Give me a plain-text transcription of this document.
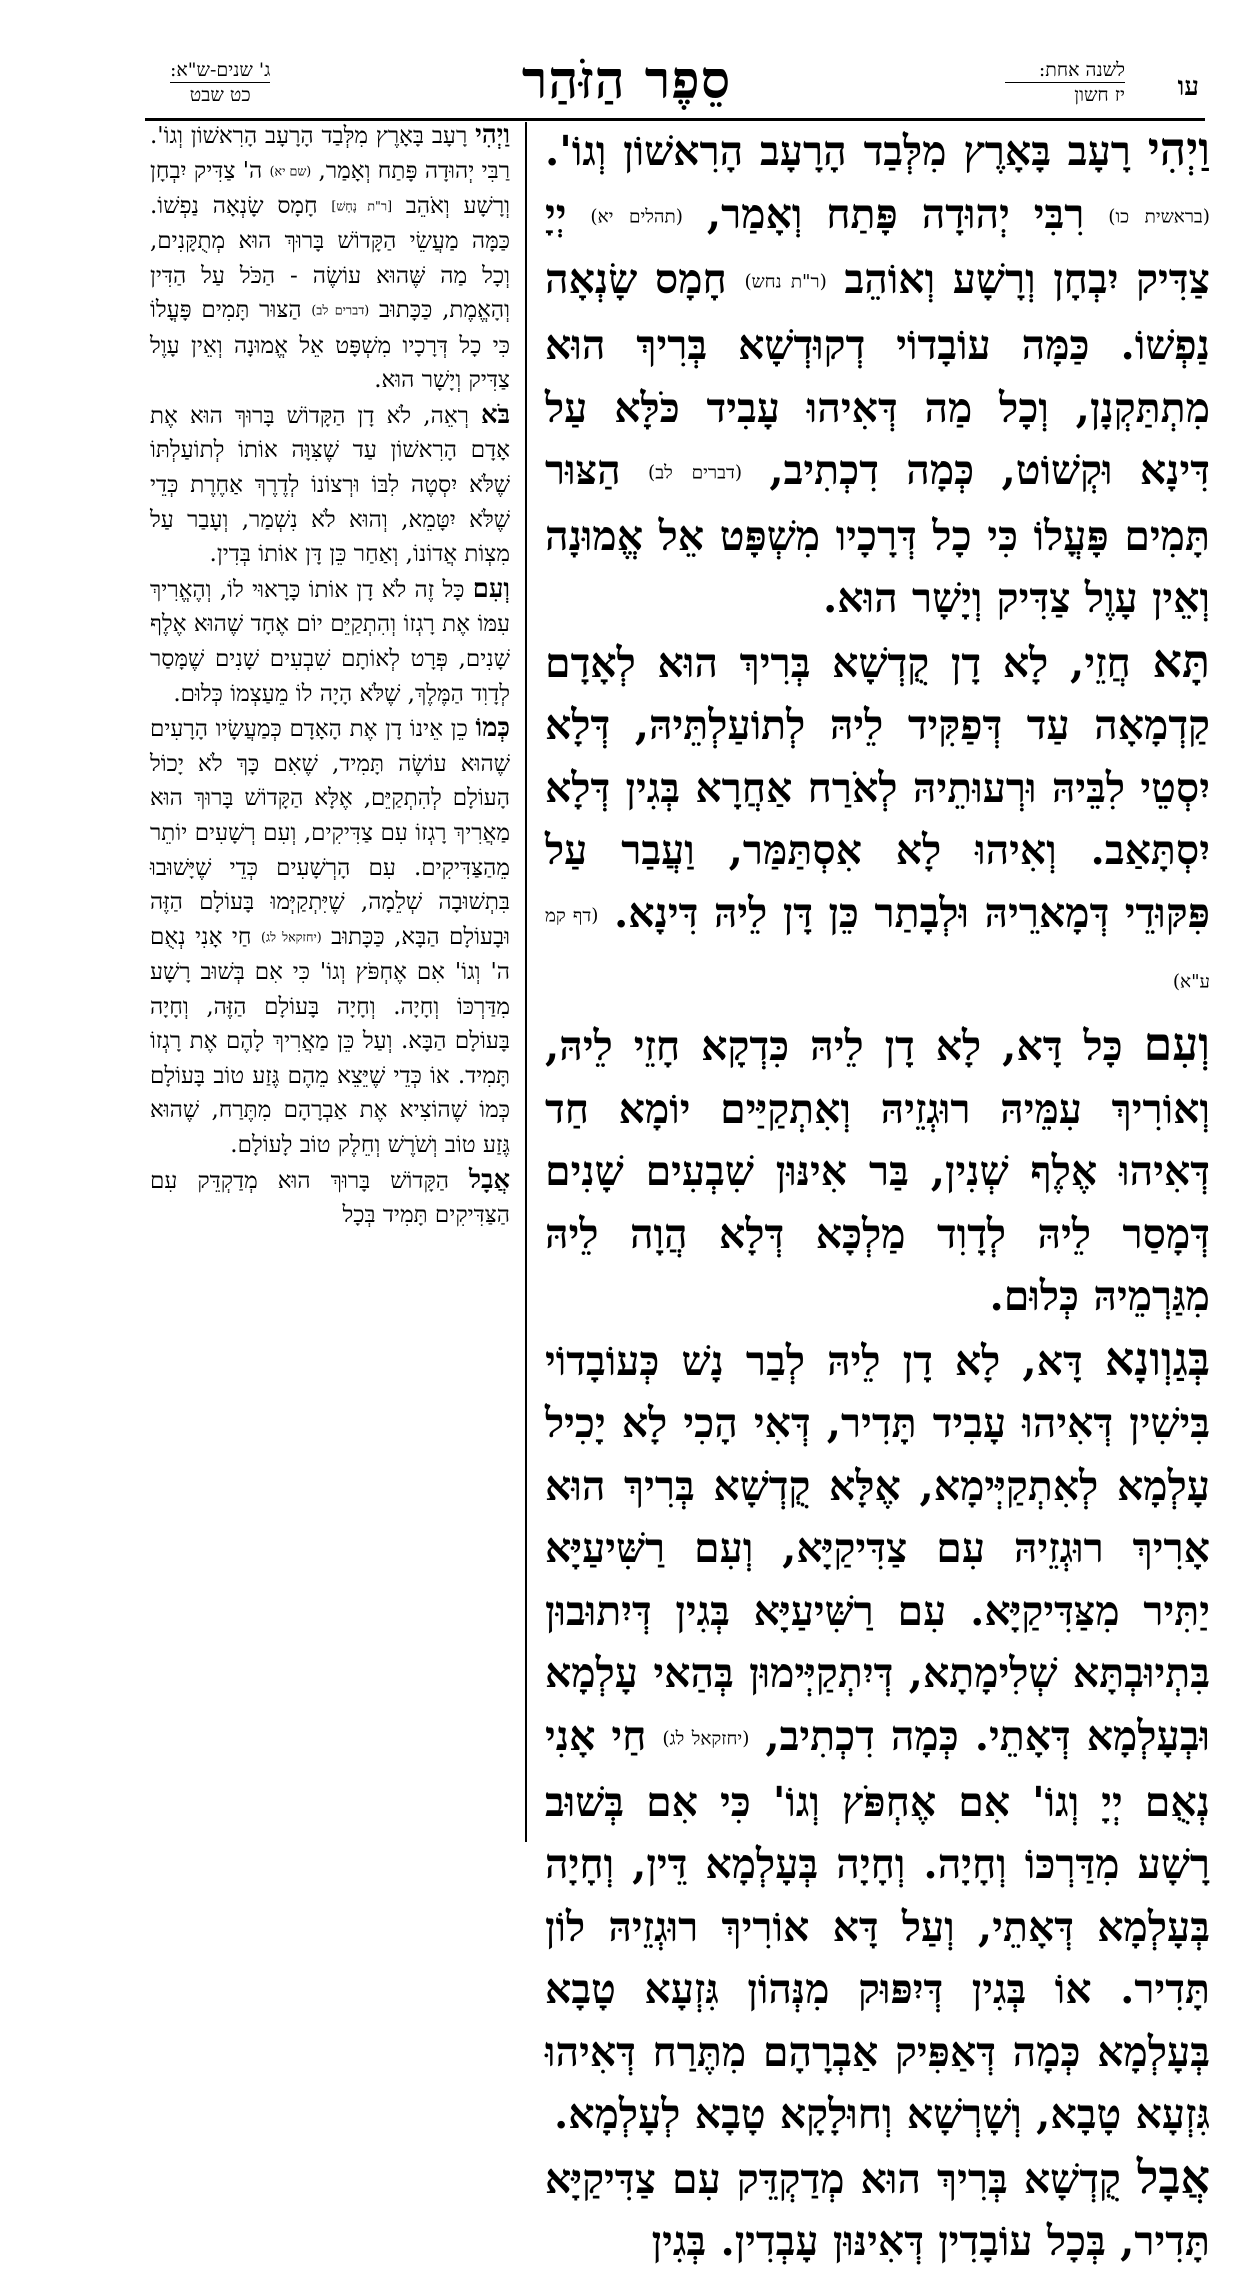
עו
לשנה אחת:
יז חשון
סֵפֶר הַזֹּהַר
ג' שנים-ש"א:
כט שבט

וַיְהִי רָעָב בָּאָרֶץ מִלְּבַד הָרָעָב הָרִאשׁוֹן וְגוֹ'. (בראשית כו) רִבִּי יְהוּדָה פָּתַח וְאָמַר, (תהלים יא) יְיָ צַדִּיק יִבְחָן וְרָשָׁע וְאוֹהֵב (ר"ת נחש) חָמָס שָׂנְאָה נַפְשׁוֹ. כַּמָּה עוֹבָדוֹי דְקוּדְשָׁא בְּרִיךְ הוּא מִתְתַּקְנָן, וְכָל מַה דְּאִיהוּ עָבִיד כֹּלָּא עַל דִּינָא וּקְשׁוֹט, כְּמָה דִכְתִיב, (דברים לב) הַצּוּר תָּמִים פָּעֳלוֹ כִּי כָל דְּרָכָיו מִשְׁפָּט אֵל אֱמוּנָה וְאֵין עָוֶל צַדִּיק וְיָשָׁר הוּא.

תָּא חֲזֵי, לָא דָן קֻדְשָׁא בְּרִיךְ הוּא לְאָדָם קַדְמָאָה עַד דְּפַקִּיד לֵיהּ לְתוֹעַלְתֵּיהּ, דְּלָא יִסְטֵי לִבֵּיהּ וּרְעוּתֵיהּ לְאֹרַח אַחֲרָא בְּגִין דְּלָא יִסְתָּאַב. וְאִיהוּ לָא אִסְתַּמַּר, וַעֲבַר עַל פִּקּוּדֵי דְּמָארֵיהּ וּלְבָתַר כֵּן דָּן לֵיהּ דִּינָא. (דף קמ ע"א)

וְעִם כָּל דָּא, לָא דָן לֵיהּ כִּדְקָא חָזֵי לֵיהּ, וְאוֹרִיךְ עִמֵּיהּ רוּגְזֵיהּ וְאִתְקַיַּים יוֹמָא חַד דְּאִיהוּ אֶלֶף שְׁנִין, בַּר אִינּוּן שִׁבְעִים שָׁנִים דְּמָסַר לֵיהּ לְדָוִד מַלְכָּא דְּלָא הֲוָה לֵיהּ מִגַּרְמֵיהּ כְּלוּם.

בְּגַוְונָא דָּא, לָא דָן לֵיהּ לְבַר נָשׁ כְּעוֹבָדוֹי בִּישִׁין דְּאִיהוּ עָבִיד תָּדִיר, דְּאִי הָכִי לָא יָכִיל עָלְמָא לְאִתְקַיְּימָא, אֶלָּא קֻדְשָׁא בְּרִיךְ הוּא אָרִיךְ רוּגְזֵיהּ עִם צַדִּיקַיָּא, וְעִם רַשִּׁיעַיָּא יַתִּיר מִצַּדִּיקַיָּא. עִם רַשִּׁיעַיָּא בְּגִין דְּיִתוּבוּן בִּתְיוּבְתָּא שְׁלִימָתָא, דְּיִתְקַיְּימוּן בְּהַאי עָלְמָא וּבְעָלְמָא דְּאָתֵי. כְּמָה דִכְתִיב, (יחזקאל לג) חַי אָנִי נְאֻם יְיָ וְגוֹ' אִם אֶחְפֹּץ וְגוֹ' כִּי אִם בְּשׁוּב רָשָׁע מִדַּרְכּוֹ וְחָיָה. וְחָיָה בְּעָלְמָא דֵּין, וְחָיָה בְּעָלְמָא דְּאָתֵי, וְעַל דָּא אוֹרִיךְ רוּגְזֵיהּ לוֹן תָּדִיר. אוֹ בְּגִין דְּיִפּוּק מִנְּהוֹן גִּזְעָא טָבָא בְּעָלְמָא כְּמָה דְּאַפִּיק אַבְרָהָם מִתֶּרַח דְּאִיהוּ גִּזְעָא טָבָא, וְשָׁרְשָׁא וְחוּלָקָא טָבָא לְעָלְמָא.

אֲבָל קֻדְשָׁא בְּרִיךְ הוּא מְדַקְדֵּק עִם צַדִּיקַיָּא תָּדִיר, בְּכָל עוֹבָדִין דְּאִינּוּן עָבְדִין. בְּגִין

וַיְהִי רָעָב בָּאָרֶץ מִלְּבַד הָרָעָב הָרִאשׁוֹן וְגוֹ'. רַבִּי יְהוּדָה פָּתַח וְאָמַר, (שם יא) ה' צַדִּיק יִבְחָן וְרָשָׁע וְאֹהֵב [ר"ת נָחָשׁ] חָמָס שָׂנְאָה נַפְשׁוֹ. כַּמָּה מַעֲשֵׂי הַקָּדוֹשׁ בָּרוּךְ הוּא מְתֻקָּנִים, וְכָל מַה שֶּׁהוּא עוֹשֶׂה - הַכֹּל עַל הַדִּין וְהָאֱמֶת, כַּכָּתוּב (דברים לב) הַצּוּר תָּמִים פָּעֳלוֹ כִּי כָל דְּרָכָיו מִשְׁפָּט אֵל אֱמוּנָה וְאֵין עָוֶל צַדִּיק וְיָשָׁר הוּא.

בֹּא רְאֵה, לֹא דָן הַקָּדוֹשׁ בָּרוּךְ הוּא אֶת אָדָם הָרִאשׁוֹן עַד שֶׁצִּוָּה אוֹתוֹ לְתוֹעַלְתּוֹ שֶׁלֹּא יִסְטֶה לִבּוֹ וּרְצוֹנוֹ לְדֶרֶךְ אַחֶרֶת כְּדֵי שֶׁלֹּא יִטָּמֵא, וְהוּא לֹא נִשְׁמַר, וְעָבַר עַל מִצְוֹת אֲדוֹנוֹ, וְאַחַר כֵּן דָּן אוֹתוֹ בְּדִין.

וְעִם כָּל זֶה לֹא דָן אוֹתוֹ כָּרָאוּי לוֹ, וְהֶאֱרִיךְ עִמּוֹ אֶת רָגְזוֹ וְהִתְקַיֵּם יוֹם אֶחָד שֶׁהוּא אֶלֶף שָׁנִים, פְּרָט לְאוֹתָם שִׁבְעִים שָׁנִים שֶׁמָּסַר לְדָוִד הַמֶּלֶךְ, שֶׁלֹּא הָיָה לוֹ מֵעַצְמוֹ כְּלוּם.

כְּמוֹ כֵן אֵינוֹ דָן אֶת הָאָדָם כְּמַעֲשָׂיו הָרָעִים שֶׁהוּא עוֹשֶׂה תָּמִיד, שֶׁאִם כָּךְ לֹא יָכוֹל הָעוֹלָם לְהִתְקַיֵּם, אֶלָּא הַקָּדוֹשׁ בָּרוּךְ הוּא מַאֲרִיךְ רָגְזוֹ עִם צַדִּיקִים, וְעִם רְשָׁעִים יוֹתֵר מֵהַצַּדִּיקִים. עִם הָרְשָׁעִים כְּדֵי שֶׁיָּשׁוּבוּ בִּתְשׁוּבָה שְׁלֵמָה, שֶׁיִּתְקַיְּמוּ בָּעוֹלָם הַזֶּה וּבָעוֹלָם הַבָּא, כַּכָּתוּב (יחזקאל לג) חַי אָנִי נְאֻם ה' וְגוֹ' אִם אֶחְפֹּץ וְגוֹ' כִּי אִם בְּשׁוּב רָשָׁע מִדַּרְכּוֹ וְחָיָה. וְחָיָה בָּעוֹלָם הַזֶּה, וְחָיָה בָּעוֹלָם הַבָּא. וְעַל כֵּן מַאֲרִיךְ לָהֶם אֶת רָגְזוֹ תָּמִיד. אוֹ כְּדֵי שֶׁיֵּצֵא מֵהֶם גֶּזַע טוֹב בָּעוֹלָם כְּמוֹ שֶׁהוֹצִיא אֶת אַבְרָהָם מִתֶּרַח, שֶׁהוּא גֶּזַע טוֹב וְשֹׁרֶשׁ וְחֵלֶק טוֹב לָעוֹלָם.

אֲבָל הַקָּדוֹשׁ בָּרוּךְ הוּא מְדַקְדֵּק עִם הַצַּדִּיקִים תָּמִיד בְּכָל
